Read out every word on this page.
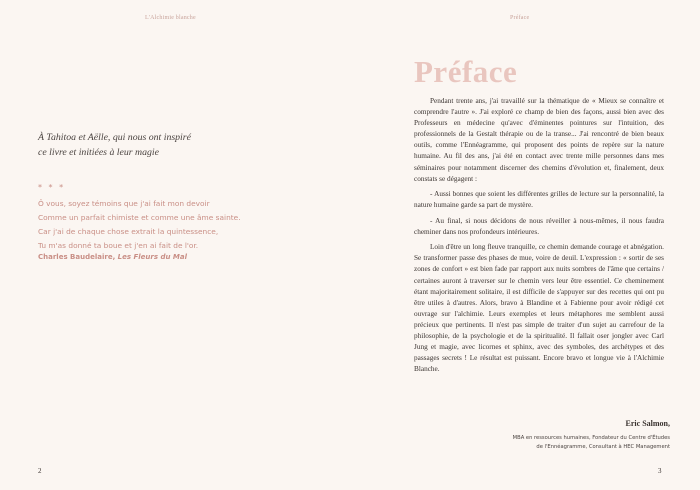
L'Alchimie blanche
À Tahitoa et Aëlle, qui nous ont inspiré
ce livre et initiées à leur magie
* * *
Ô vous, soyez témoins que j'ai fait mon devoir
Comme un parfait chimiste et comme une âme sainte.
Car j'ai de chaque chose extrait la quintessence,
Tu m'as donné ta boue et j'en ai fait de l'or.
Charles Baudelaire, Les Fleurs du Mal
2
Préface
Préface

Pendant trente ans, j'ai travaillé sur la thématique de « Mieux se connaître et comprendre l'autre ». J'ai exploré ce champ de bien des façons, aussi bien avec des Professeurs en médecine qu'avec d'éminentes pointures sur l'intuition, des professionnels de la Gestalt thérapie ou de la transe... J'ai rencontré de bien beaux outils, comme l'Ennéagramme, qui proposent des points de repère sur la nature humaine. Au fil des ans, j'ai été en contact avec trente mille personnes dans mes séminaires pour notamment discerner des chemins d'évolution et, finalement, deux constats se dégagent :

- Aussi bonnes que soient les différentes grilles de lecture sur la personnalité, la nature humaine garde sa part de mystère.

- Au final, si nous décidons de nous réveiller à nous-mêmes, il nous faudra cheminer dans nos profondeurs intérieures.

Loin d'être un long fleuve tranquille, ce chemin demande courage et abnégation. Se transformer passe des phases de mue, voire de deuil. L'expression : « sortir de ses zones de confort » est bien fade par rapport aux nuits sombres de l'âme que certains / certaines auront à traverser sur le chemin vers leur être essentiel. Ce cheminement étant majoritairement solitaire, il est difficile de s'appuyer sur des recettes qui ont pu être utiles à d'autres. Alors, bravo à Blandine et à Fabienne pour avoir rédigé cet ouvrage sur l'alchimie. Leurs exemples et leurs métaphores me semblent aussi précieux que pertinents. Il n'est pas simple de traiter d'un sujet au carrefour de la philosophie, de la psychologie et de la spiritualité. Il fallait oser jongler avec Carl Jung et magie, avec licornes et sphinx, avec des symboles, des archétypes et des passages secrets ! Le résultat est puissant. Encore bravo et longue vie à l'Alchimie Blanche.

Eric Salmon,
MBA en ressources humaines, Fondateur du Centre d'Études
de l'Ennéagramme, Consultant à HEC Management
3
